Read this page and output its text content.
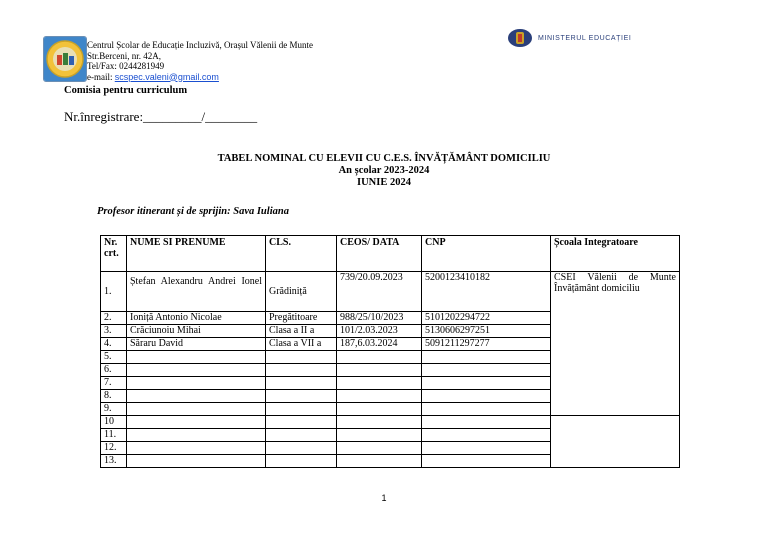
Centrul Școlar de Educație Incluzivă, Orașul Vălenii de Munte
Str.Berceni, nr. 42A,
Tel/Fax: 0244281949
e-mail: scspec.valeni@gmail.com
MINISTERUL EDUCAȚIEI
Comisia pentru curriculum
Nr.înregistrare:_________/________
TABEL NOMINAL CU ELEVII CU C.E.S. ÎNVĂȚĂMÂNT DOMICILIU
An școlar 2023-2024
IUNIE 2024
Profesor itinerant și de sprijin: Sava Iuliana
Nr. crt.	NUME SI PRENUME	CLS.	CEOS/ DATA	CNP	Școala Integratoare
1.	Ștefan Alexandru Andrei Ionel	Grădiniță	739/20.09.2023	5200123410182	CSEI Vălenii de Munte Învățământ domiciliu
2.	Ioniță Antonio Nicolae	Pregătitoare	988/25/10/2023	5101202294722	
3.	Crăciunoiu Mihai	Clasa a II a	101/2.03.2023	5130606297251	
4.	Săraru David	Clasa a VII a	187,6.03.2024	5091211297277	
5.					
6.					
7.					
8.					
9.					
10					
11.					
12.					
13.					
1
